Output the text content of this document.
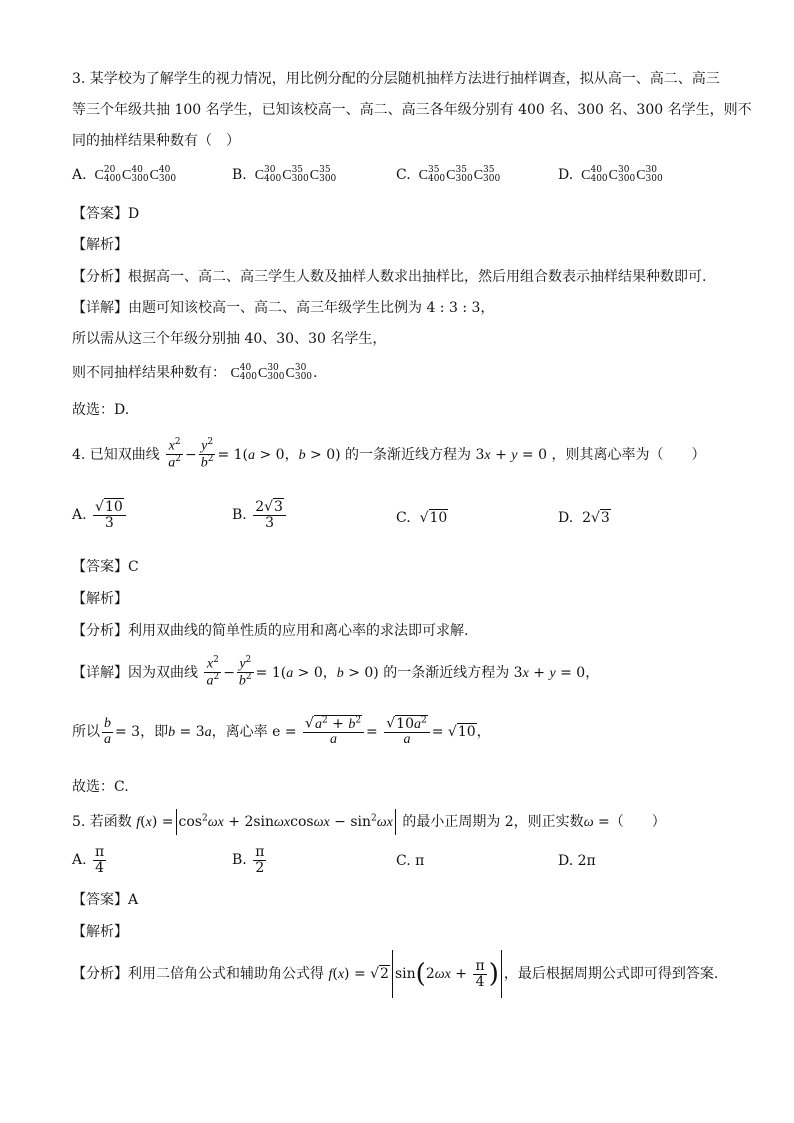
3. 某学校为了解学生的视力情况，用比例分配的分层随机抽样方法进行抽样调查，拟从高一、高二、高三
等三个年级共抽 100 名学生，已知该校高一、高二、高三各年级分别有 400 名、300 名、300 名学生，则不
同的抽样结果种数有（　）
A.  C 20
400 C 40
300 C 40
300	B.  C 30
400 C 35
300 C 35
300	C.  C 35
400 C 35
300 C 35
300	D.  C 40
400 C 30
300 C 30
300
【答案】D
【解析】
【分析】根据高一、高二、高三学生人数及抽样人数求出抽样比，然后用组合数表示抽样结果种数即可.
【详解】由题可知该校高一、高二、高三年级学生比例为 4 : 3 : 3，
所以需从这三个年级分别抽 40、30、30 名学生，
则不同抽样结果种数有： C 40
400 C 30
300 C 30
300 .
故选：D.
4. 已知双曲线 $\frac{x^2}{a^2} - \frac{y^2}{b^2} = 1(a > 0$，b > 0) 的一条渐近线方程为 3x + y = 0 ，则其离心率为（　　）
A. $\frac{√10}{3}$	B. $\frac{2√3}{3}$	C.  √10	D.  2√3
【答案】C
【解析】
【分析】利用双曲线的简单性质的应用和离心率的求法即可求解.
【详解】因为双曲线 $\frac{x^2}{a^2} - \frac{y^2}{b^2} = 1(a > 0$，b > 0) 的一条渐近线方程为 3x + y = 0，
所以 $\frac{b}{a} = 3$，即b = 3a，离心率 $e = \frac{√a^2 + b^2}{a} = \frac{√10a^2}{a} = √10$，
故选：C.
5. 若函数 $f(x) = \cos^2\omega x + 2\sin\omega xcos\omega x - \sin^2\omega x$ 的最小正周期为 2，则正实数ω =（　　）
A. $\frac{\pi}{4}$	B. $\frac{\pi}{2}$	C. π	D. 2π
【答案】A
【解析】
【分析】利用二倍角公式和辅助角公式得 f(x) = √2 $\sin(2\omega x + \frac{\pi}{4}$ ) ，最后根据周期公式即可得到答案.
